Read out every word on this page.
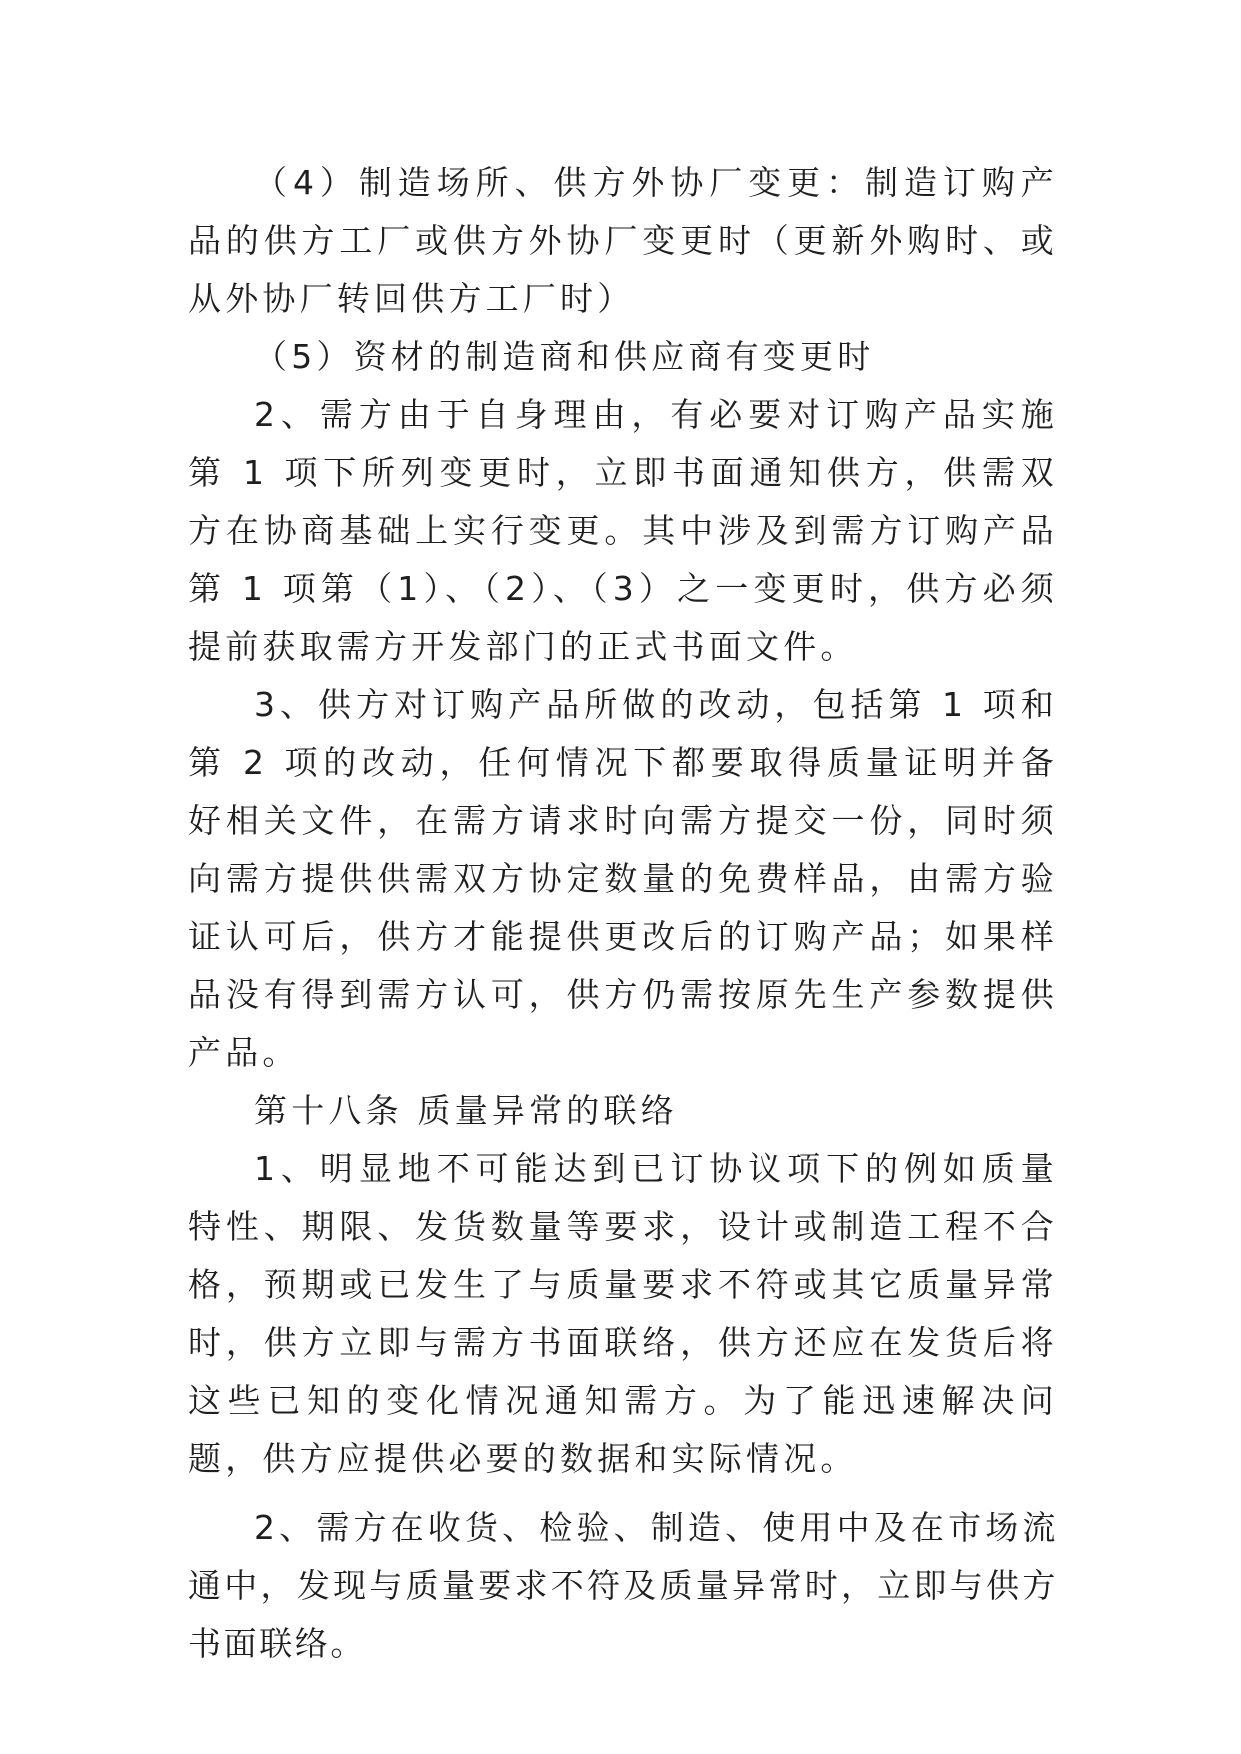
（4）制造场所、供方外协厂变更：制造订购产品的供方工厂或供方外协厂变更时（更新外购时、或从外协厂转回供方工厂时）

（5）资材的制造商和供应商有变更时

2、需方由于自身理由，有必要对订购产品实施第 1 项下所列变更时，立即书面通知供方，供需双方在协商基础上实行变更。其中涉及到需方订购产品第 1 项第（1）、（2）、（3）之一变更时，供方必须提前获取需方开发部门的正式书面文件。

3、供方对订购产品所做的改动，包括第 1 项和第 2 项的改动，任何情况下都要取得质量证明并备好相关文件，在需方请求时向需方提交一份，同时须向需方提供供需双方协定数量的免费样品，由需方验证认可后，供方才能提供更改后的订购产品；如果样品没有得到需方认可，供方仍需按原先生产参数提供产品。

第十八条 质量异常的联络

1、明显地不可能达到已订协议项下的例如质量特性、期限、发货数量等要求，设计或制造工程不合格，预期或已发生了与质量要求不符或其它质量异常时，供方立即与需方书面联络，供方还应在发货后将这些已知的变化情况通知需方。为了能迅速解决问题，供方应提供必要的数据和实际情况。

2、需方在收货、检验、制造、使用中及在市场流通中，发现与质量要求不符及质量异常时，立即与供方书面联络。
